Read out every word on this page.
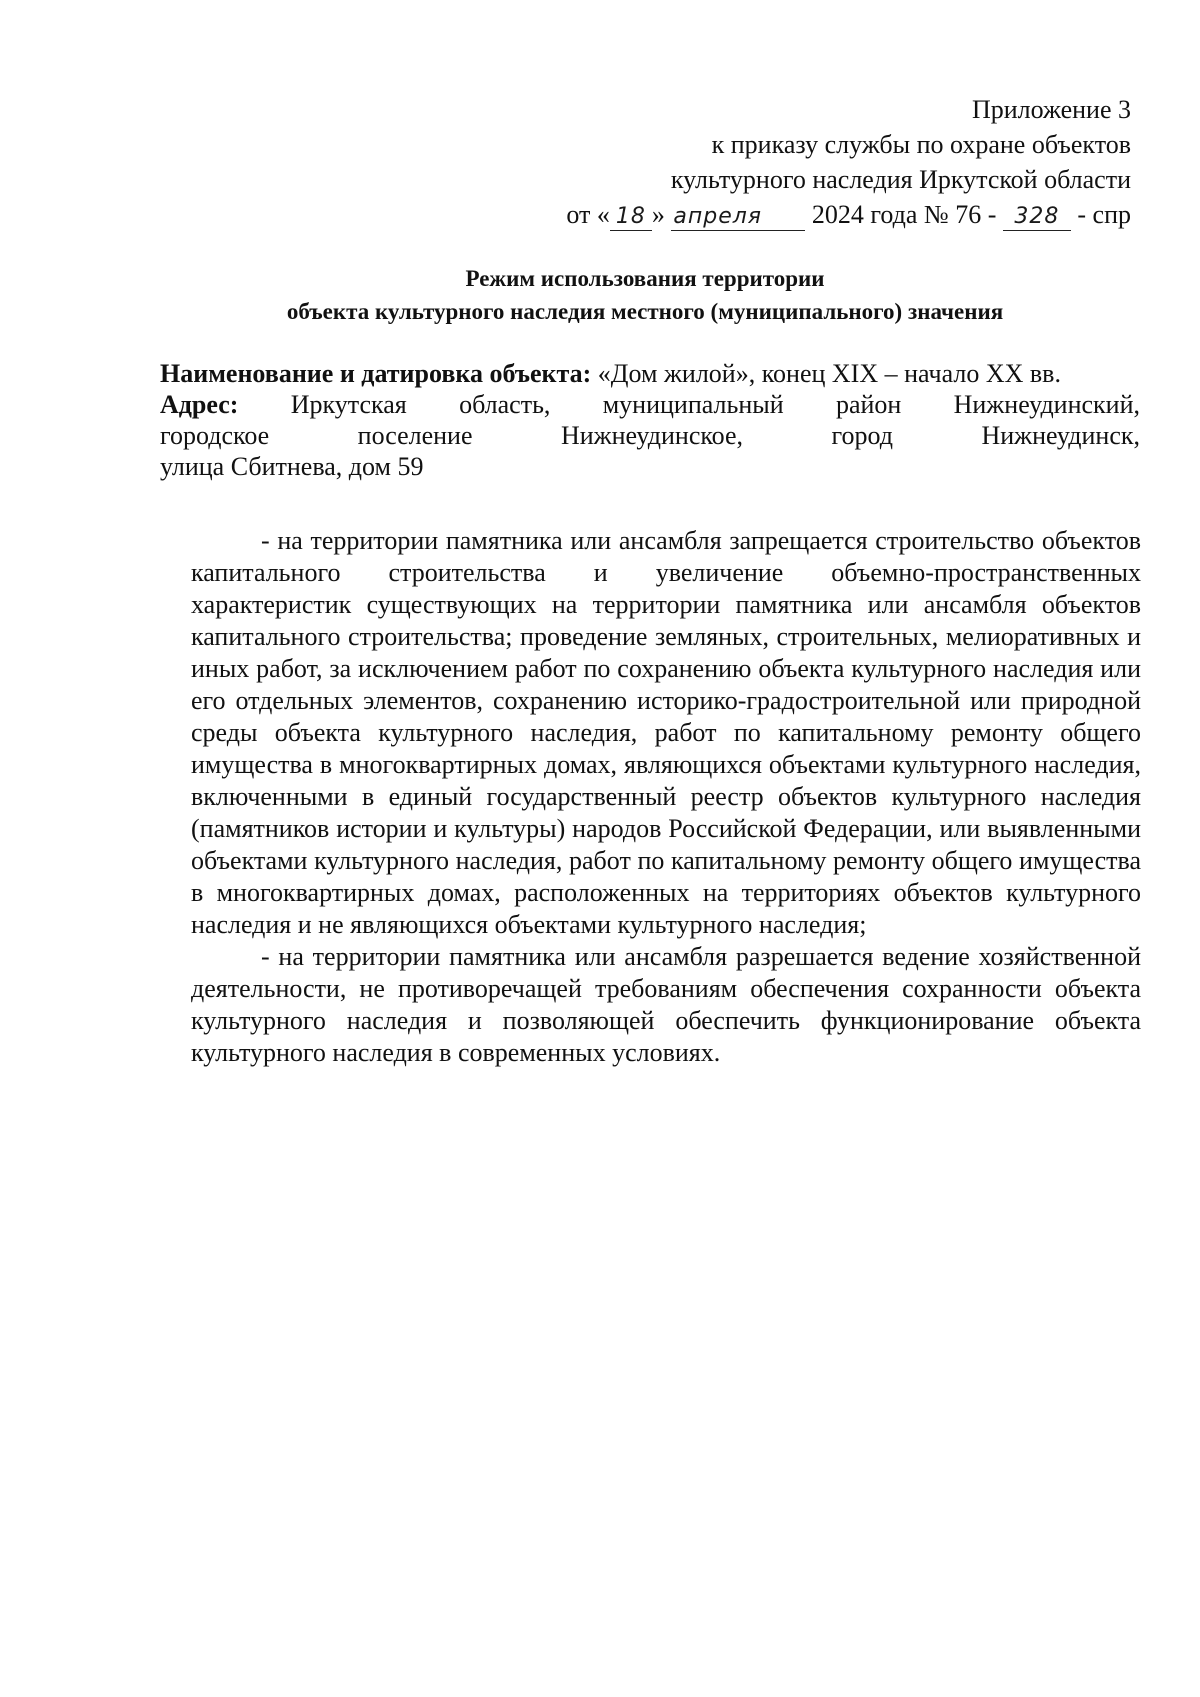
Приложение 3
к приказу службы по охране объектов
культурного наследия Иркутской области
от « 18 » апреля 2024 года № 76 - 328 - спр
Режим использования территории
объекта культурного наследия местного (муниципального) значения
Наименование и датировка объекта: «Дом жилой», конец XIX – начало XX вв.
Адрес: Иркутская область, муниципальный район Нижнеудинский,
городское поселение Нижнеудинское, город Нижнеудинск,
улица Сбитнева, дом 59

- на территории памятника или ансамбля запрещается строительство объектов капитального строительства и увеличение объемно-пространственных характеристик существующих на территории памятника или ансамбля объектов капитального строительства; проведение земляных, строительных, мелиоративных и иных работ, за исключением работ по сохранению объекта культурного наследия или его отдельных элементов, сохранению историко-градостроительной или природной среды объекта культурного наследия, работ по капитальному ремонту общего имущества в многоквартирных домах, являющихся объектами культурного наследия, включенными в единый государственный реестр объектов культурного наследия (памятников истории и культуры) народов Российской Федерации, или выявленными объектами культурного наследия, работ по капитальному ремонту общего имущества в многоквартирных домах, расположенных на территориях объектов культурного наследия и не являющихся объектами культурного наследия;

- на территории памятника или ансамбля разрешается ведение хозяйственной деятельности, не противоречащей требованиям обеспечения сохранности объекта культурного наследия и позволяющей обеспечить функционирование объекта культурного наследия в современных условиях.
